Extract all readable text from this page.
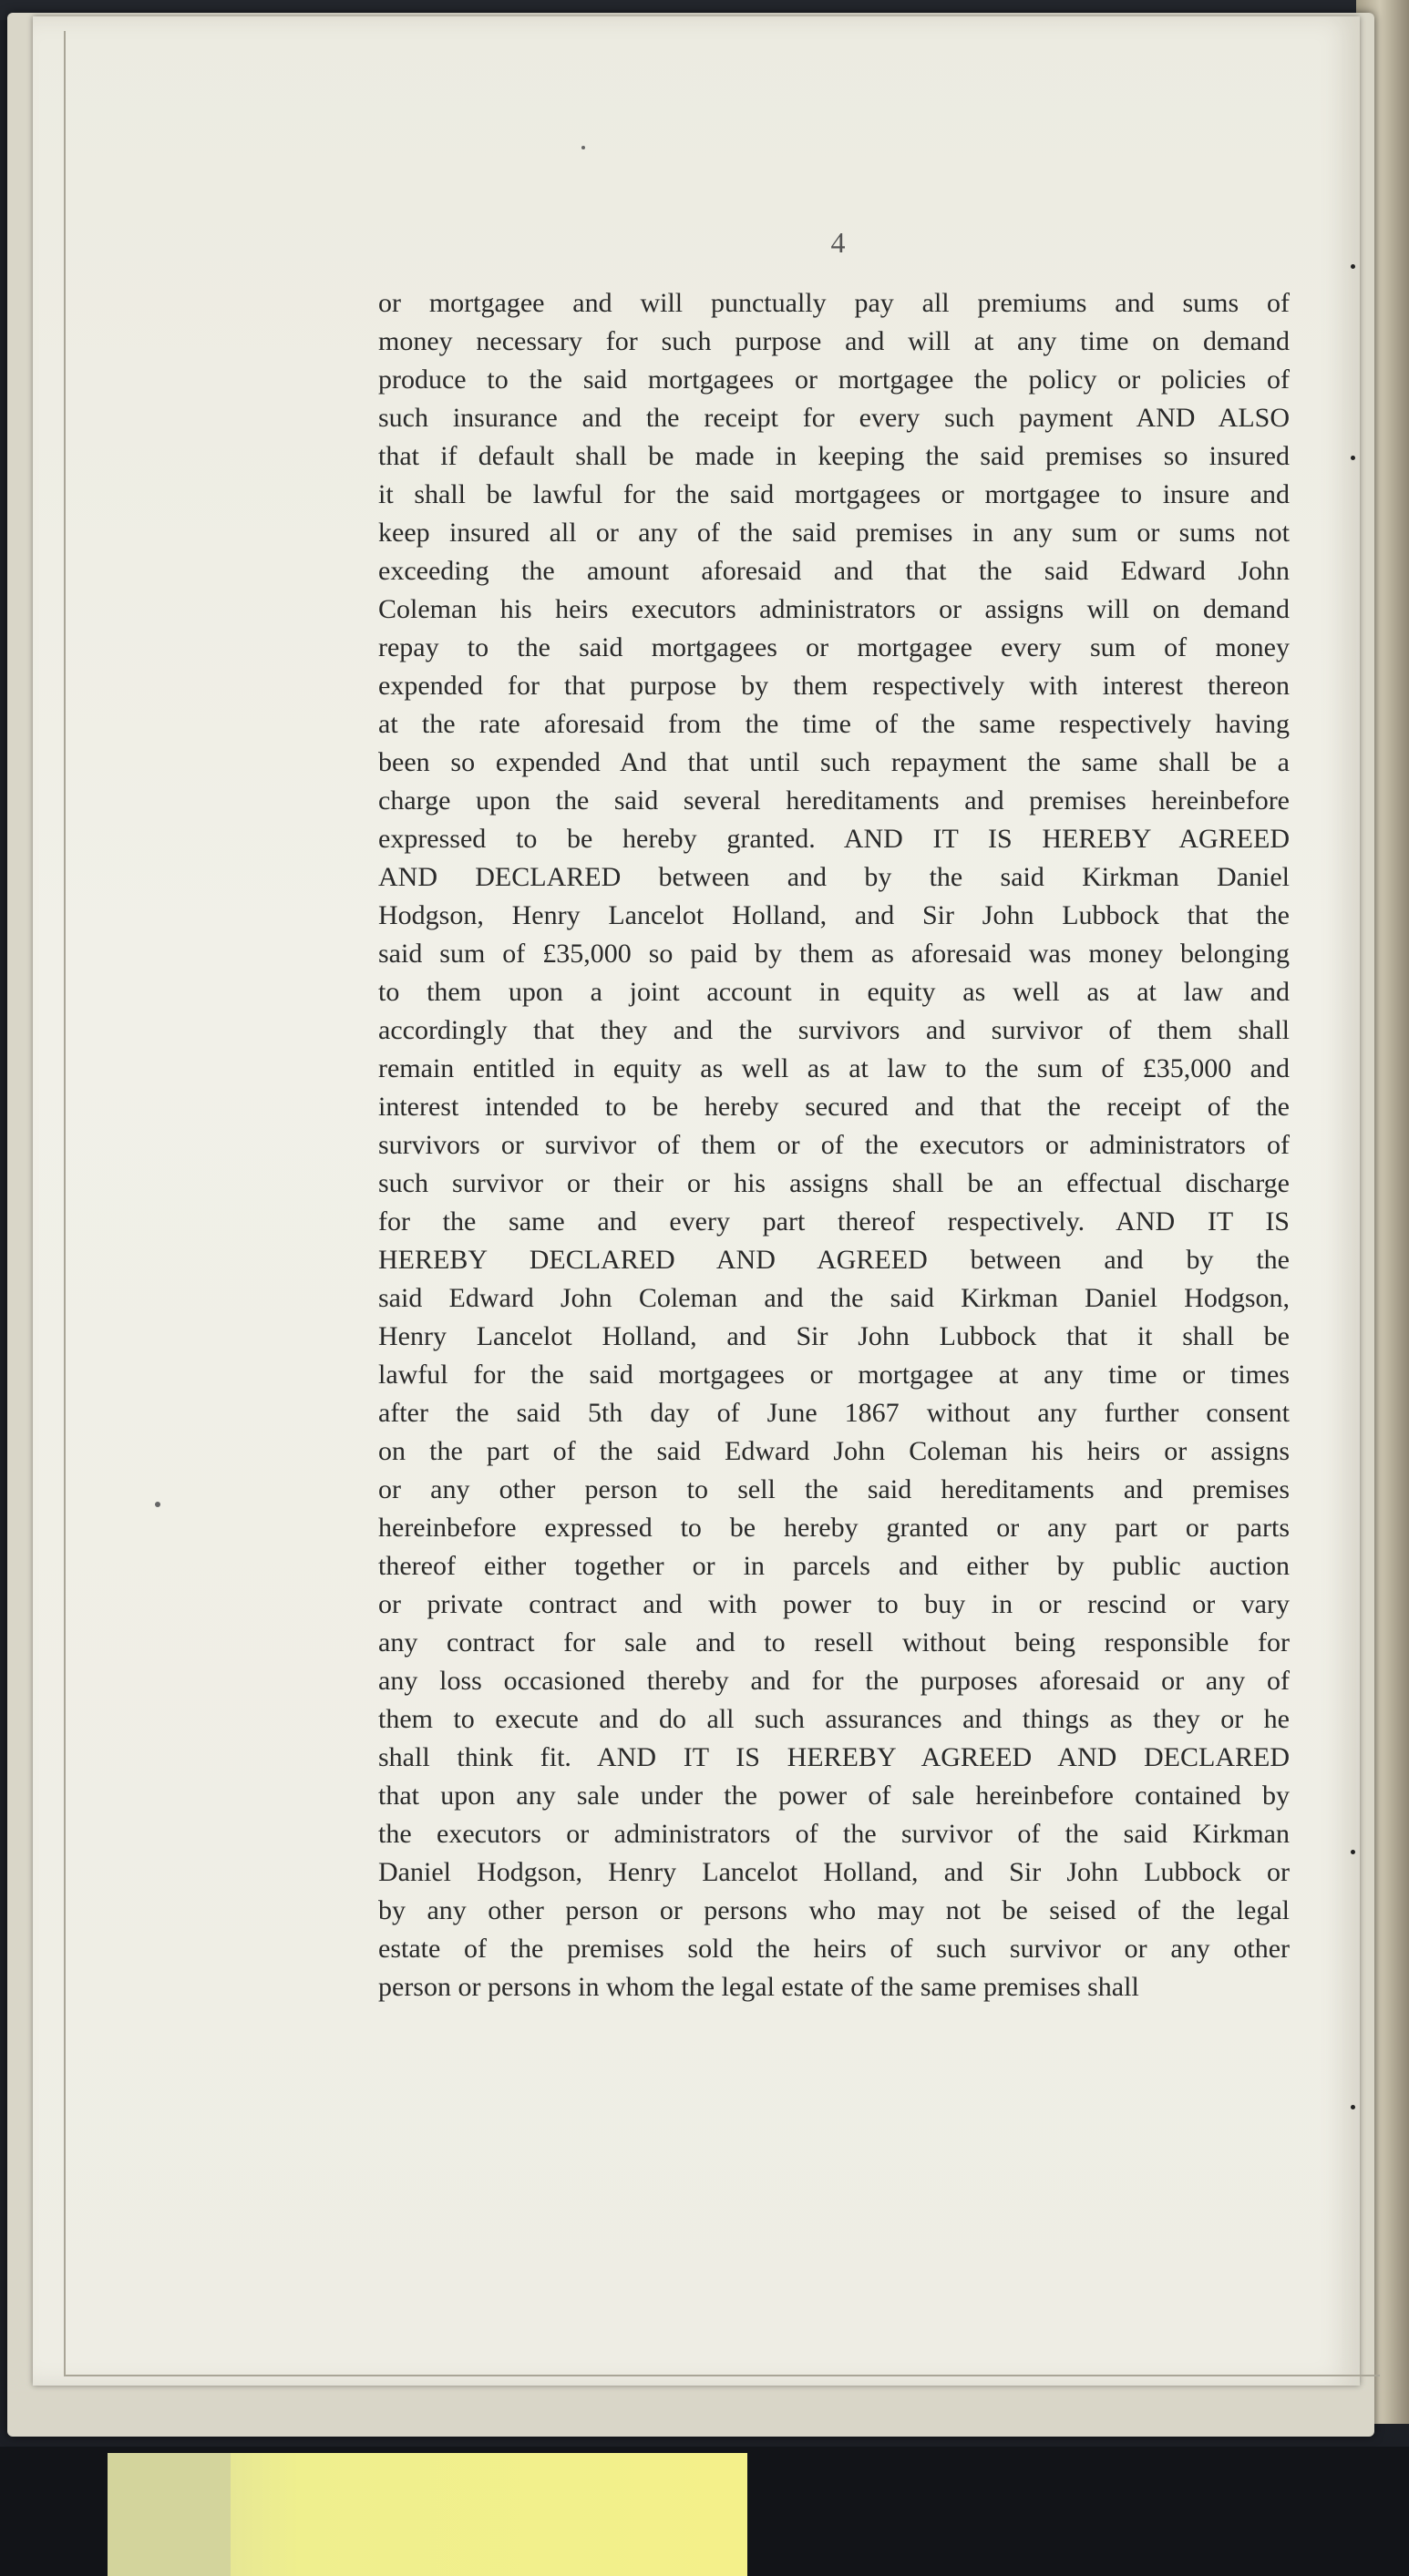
4
or mortgagee and will punctually pay all premiums and sums of
money necessary for such purpose and will at any time on demand
produce to the said mortgagees or mortgagee the policy or policies of
such insurance and the receipt for every such payment AND ALSO
that if default shall be made in keeping the said premises so insured
it shall be lawful for the said mortgagees or mortgagee to insure and
keep insured all or any of the said premises in any sum or sums not
exceeding the amount aforesaid and that the said Edward John
Coleman his heirs executors administrators or assigns will on demand
repay to the said mortgagees or mortgagee every sum of money
expended for that purpose by them respectively with interest thereon
at the rate aforesaid from the time of the same respectively having
been so expended And that until such repayment the same shall be a
charge upon the said several hereditaments and premises hereinbefore
expressed to be hereby granted. AND IT IS HEREBY AGREED
AND DECLARED between and by the said Kirkman Daniel
Hodgson, Henry Lancelot Holland, and Sir John Lubbock that the
said sum of £35,000 so paid by them as aforesaid was money belonging
to them upon a joint account in equity as well as at law and
accordingly that they and the survivors and survivor of them shall
remain entitled in equity as well as at law to the sum of £35,000 and
interest intended to be hereby secured and that the receipt of the
survivors or survivor of them or of the executors or administrators of
such survivor or their or his assigns shall be an effectual discharge
for the same and every part thereof respectively. AND IT IS
HEREBY DECLARED AND AGREED between and by the
said Edward John Coleman and the said Kirkman Daniel Hodgson,
Henry Lancelot Holland, and Sir John Lubbock that it shall be
lawful for the said mortgagees or mortgagee at any time or times
after the said 5th day of June 1867 without any further consent
on the part of the said Edward John Coleman his heirs or assigns
or any other person to sell the said hereditaments and premises
hereinbefore expressed to be hereby granted or any part or parts
thereof either together or in parcels and either by public auction
or private contract and with power to buy in or rescind or vary
any contract for sale and to resell without being responsible for
any loss occasioned thereby and for the purposes aforesaid or any of
them to execute and do all such assurances and things as they or he
shall think fit. AND IT IS HEREBY AGREED AND DECLARED
that upon any sale under the power of sale hereinbefore contained by
the executors or administrators of the survivor of the said Kirkman
Daniel Hodgson, Henry Lancelot Holland, and Sir John Lubbock or
by any other person or persons who may not be seised of the legal
estate of the premises sold the heirs of such survivor or any other
person or persons in whom the legal estate of the same premises shall
